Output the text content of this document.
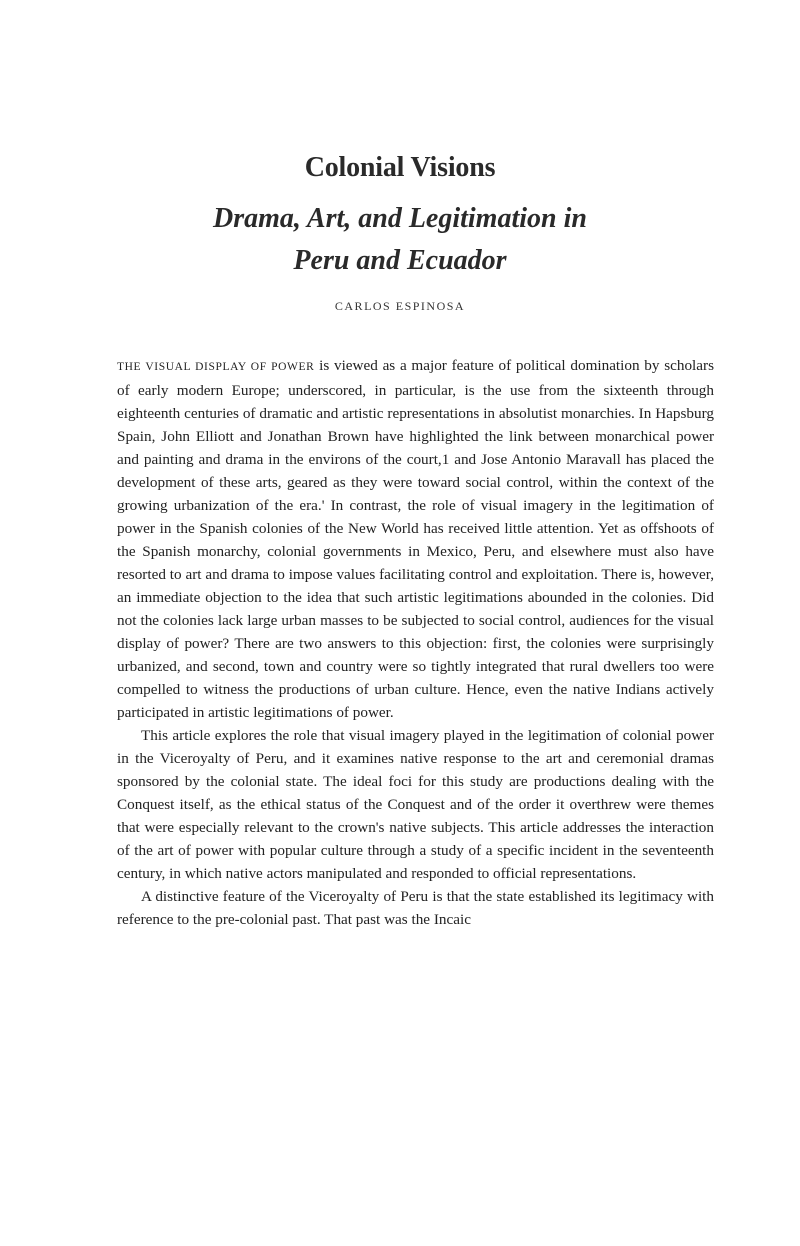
Colonial Visions
Drama, Art, and Legitimation in
Peru and Ecuador
CARLOS ESPINOSA

THE VISUAL DISPLAY OF POWER is viewed as a major feature of political domination by scholars of early modern Europe; underscored, in particular, is the use from the sixteenth through eighteenth centuries of dramatic and artistic representations in absolutist monarchies. In Hapsburg Spain, John Elliott and Jonathan Brown have highlighted the link between monarchical power and painting and drama in the environs of the court,1 and Jose Antonio Maravall has placed the development of these arts, geared as they were toward social control, within the context of the growing urbanization of the era.' In contrast, the role of visual imagery in the legitimation of power in the Spanish colonies of the New World has received little attention. Yet as offshoots of the Spanish monarchy, colonial governments in Mexico, Peru, and elsewhere must also have resorted to art and drama to impose values facilitating control and exploitation. There is, however, an immediate objection to the idea that such artistic legitimations abounded in the colonies. Did not the colonies lack large urban masses to be subjected to social control, audiences for the visual display of power? There are two answers to this objection: first, the colonies were surprisingly urbanized, and second, town and country were so tightly integrated that rural dwellers too were compelled to witness the productions of urban culture. Hence, even the native Indians actively participated in artistic legitimations of power.

This article explores the role that visual imagery played in the legitimation of colonial power in the Viceroyalty of Peru, and it examines native response to the art and ceremonial dramas sponsored by the colonial state. The ideal foci for this study are productions dealing with the Conquest itself, as the ethical status of the Conquest and of the order it overthrew were themes that were especially relevant to the crown's native subjects. This article addresses the interaction of the art of power with popular culture through a study of a specific incident in the seventeenth century, in which native actors manipulated and responded to official representations.

A distinctive feature of the Viceroyalty of Peru is that the state established its legitimacy with reference to the pre-colonial past. That past was the Incaic
